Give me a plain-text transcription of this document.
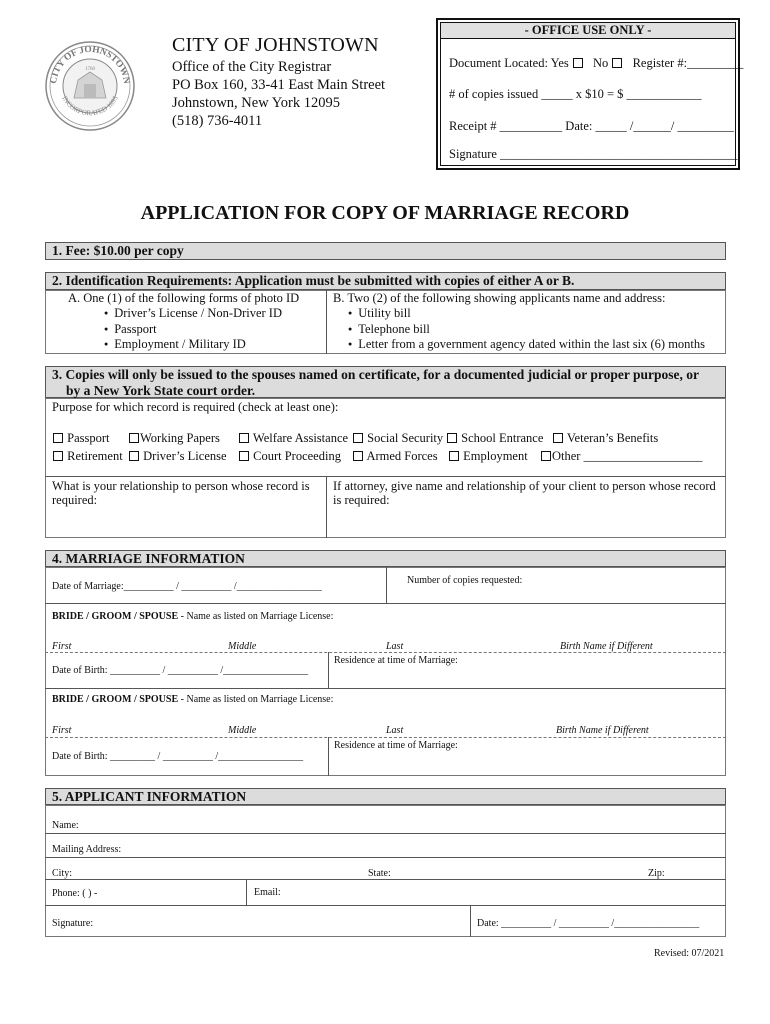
CITY OF JOHNSTOWN
INCORPORATED 1895
1760
CITY OF JOHNSTOWN
Office of the City Registrar
PO Box 160, 33-41 East Main Street
Johnstown, New York 12095
(518) 736-4011
- OFFICE USE ONLY -
Document Located: Yes No Register #:_________
# of copies issued _____ x $10 = $ ____________
Receipt # __________ Date: _____ /______/ _________
Signature ______________________________________
APPLICATION FOR COPY OF MARRIAGE RECORD
1. Fee: $10.00 per copy
2. Identification Requirements: Application must be submitted with copies of either A or B.
A. One (1) of the following forms of photo ID
● Driver’s License / Non-Driver ID
● Passport
● Employment / Military ID
B. Two (2) of the following showing applicants name and address:
● Utility bill
● Telephone bill
● Letter from a government agency dated within the last six (6) months
3. Copies will only be issued to the spouses named on certificate, for a documented judicial or proper purpose, or
by a New York State court order.
Purpose for which record is required (check at least one):
Passport	Working Papers	Welfare Assistance	Social Security	School Entrance	Veteran’s Benefits
Retirement	Driver’s License	Court Proceeding	Armed Forces	Employment	Other ___________________
What is your relationship to person whose record is required:
If attorney, give name and relationship of your client to person whose record is required:
4. MARRIAGE INFORMATION
Date of Marriage:__________ / __________ /_________________
Number of copies requested:
BRIDE / GROOM / SPOUSE - Name as listed on Marriage License:
First	Middle	Last	Birth Name if Different
Date of Birth: __________ / __________ /_________________
Residence at time of Marriage:
BRIDE / GROOM / SPOUSE - Name as listed on Marriage License:
First	Middle	Last	Birth Name if Different
Date of Birth: _________ / __________ /_________________
Residence at time of Marriage:
5. APPLICANT INFORMATION
Name:
Mailing Address:
City:	State:	Zip:
Phone: ( ) -	Email:
Signature:	Date: __________ / __________ /_________________
Revised: 07/2021
